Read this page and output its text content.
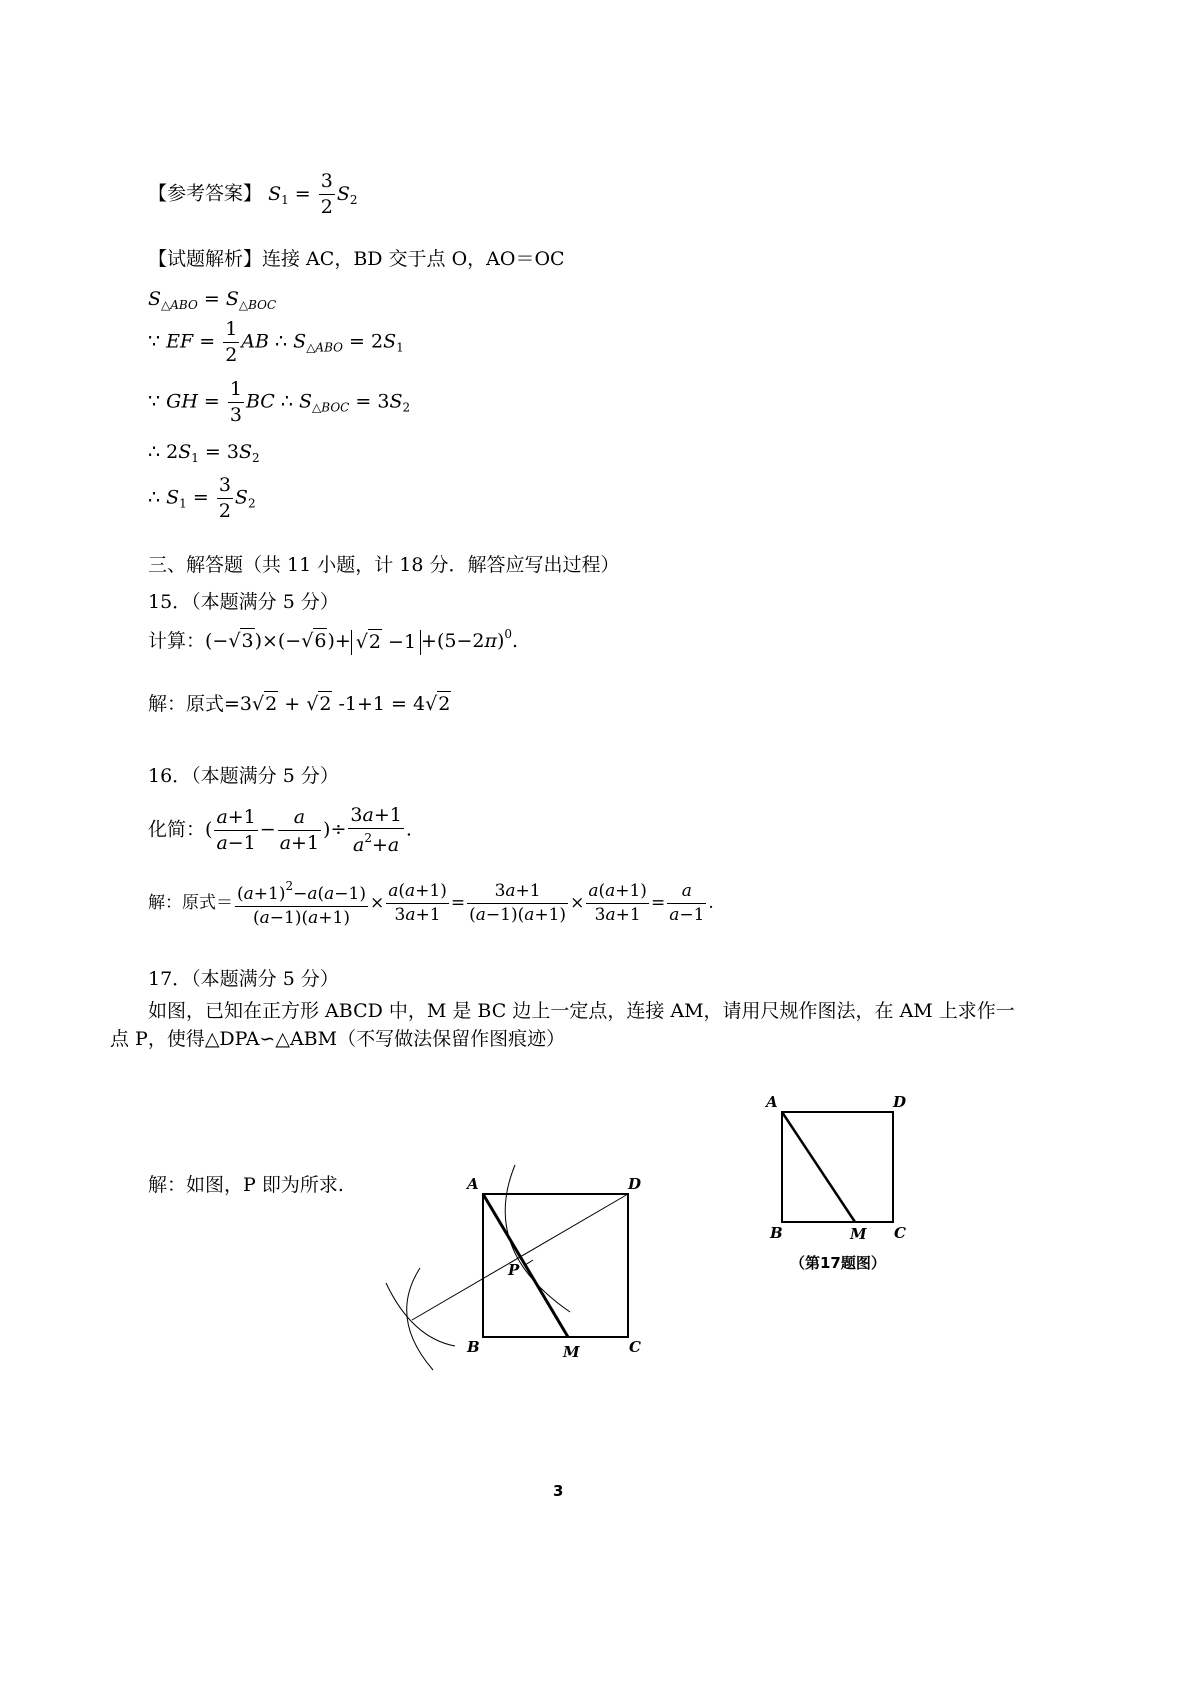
【参考答案】 $S_1 = \frac{3}{2} S_2$
【试题解析】连接 AC，BD 交于点 O，AO＝OC
$S_{\triangle ABO} = S_{\triangle BOC}$
∵ EF = $\frac{1}{2}$ AB ∴ $S_{\triangle ABO} = 2S_1$
∵ GH = $\frac{1}{3}$ BC ∴ $S_{\triangle BOC} = 3S_2$
∴ $2S_1 = 3S_2$
∴ $S_1 = \frac{3}{2} S_2$
三、解答题（共 11 小题，计 18 分．解答应写出过程）
15．（本题满分 5 分）
计算：$(-√3)\times(-√6)+ √2 -1 +(5-2\pi)^0$.
解：原式=3√2 + √2 -1+1 = 4√2
16．（本题满分 5 分）
化简：( $\frac{a+1}{a-1} - \frac{a}{a+1}$ )÷ $\frac{3a+1}{a^2+a}$ .
解：原式＝ $\frac{(a+1)^2-a(a-1)}{(a-1)(a+1)} \times \frac{a(a+1)}{3a+1} = \frac{3a+1}{(a-1)(a+1)} \times \frac{a(a+1)}{3a+1} = \frac{a}{a-1}$ .
17．（本题满分 5 分）
如图，已知在正方形 ABCD 中，M 是 BC 边上一定点，连接 AM，请用尺规作图法，在 AM 上求作一
点 P，使得△DPA∽△ABM（不写做法保留作图痕迹）
解：如图，P 即为所求.	A	D
B	M	C
P
A	D
B	M C
（第17题图）
3
